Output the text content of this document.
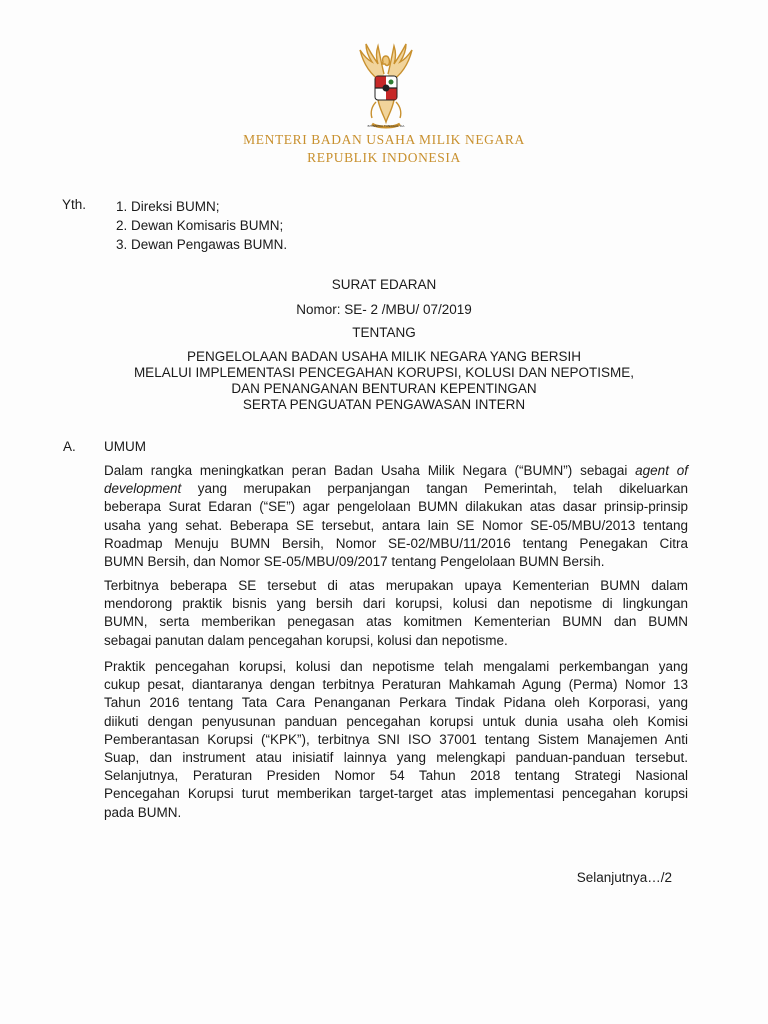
BHINNEKA TUNGGAL IKA
MENTERI BADAN USAHA MILIK NEGARA
REPUBLIK INDONESIA
Yth. 1. Direksi BUMN;
2. Dewan Komisaris BUMN;
3. Dewan Pengawas BUMN.
SURAT EDARAN
Nomor: SE- 2 /MBU/ 07/2019
TENTANG
PENGELOLAAN BADAN USAHA MILIK NEGARA YANG BERSIH
MELALUI IMPLEMENTASI PENCEGAHAN KORUPSI, KOLUSI DAN NEPOTISME,
DAN PENANGANAN BENTURAN KEPENTINGAN
SERTA PENGUATAN PENGAWASAN INTERN
A. UMUM
Dalam rangka meningkatkan peran Badan Usaha Milik Negara (“BUMN”) sebagai agent of
development yang merupakan perpanjangan tangan Pemerintah, telah dikeluarkan
beberapa Surat Edaran (“SE”) agar pengelolaan BUMN dilakukan atas dasar prinsip-prinsip
usaha yang sehat. Beberapa SE tersebut, antara lain SE Nomor SE-05/MBU/2013 tentang
Roadmap Menuju BUMN Bersih, Nomor SE-02/MBU/11/2016 tentang Penegakan Citra
BUMN Bersih, dan Nomor SE-05/MBU/09/2017 tentang Pengelolaan BUMN Bersih.
Terbitnya beberapa SE tersebut di atas merupakan upaya Kementerian BUMN dalam
mendorong praktik bisnis yang bersih dari korupsi, kolusi dan nepotisme di lingkungan
BUMN, serta memberikan penegasan atas komitmen Kementerian BUMN dan BUMN
sebagai panutan dalam pencegahan korupsi, kolusi dan nepotisme.
Praktik pencegahan korupsi, kolusi dan nepotisme telah mengalami perkembangan yang
cukup pesat, diantaranya dengan terbitnya Peraturan Mahkamah Agung (Perma) Nomor 13
Tahun 2016 tentang Tata Cara Penanganan Perkara Tindak Pidana oleh Korporasi, yang
diikuti dengan penyusunan panduan pencegahan korupsi untuk dunia usaha oleh Komisi
Pemberantasan Korupsi (“KPK”), terbitnya SNI ISO 37001 tentang Sistem Manajemen Anti
Suap, dan instrument atau inisiatif lainnya yang melengkapi panduan-panduan tersebut.
Selanjutnya, Peraturan Presiden Nomor 54 Tahun 2018 tentang Strategi Nasional
Pencegahan Korupsi turut memberikan target-target atas implementasi pencegahan korupsi
pada BUMN.
Selanjutnya…/2
